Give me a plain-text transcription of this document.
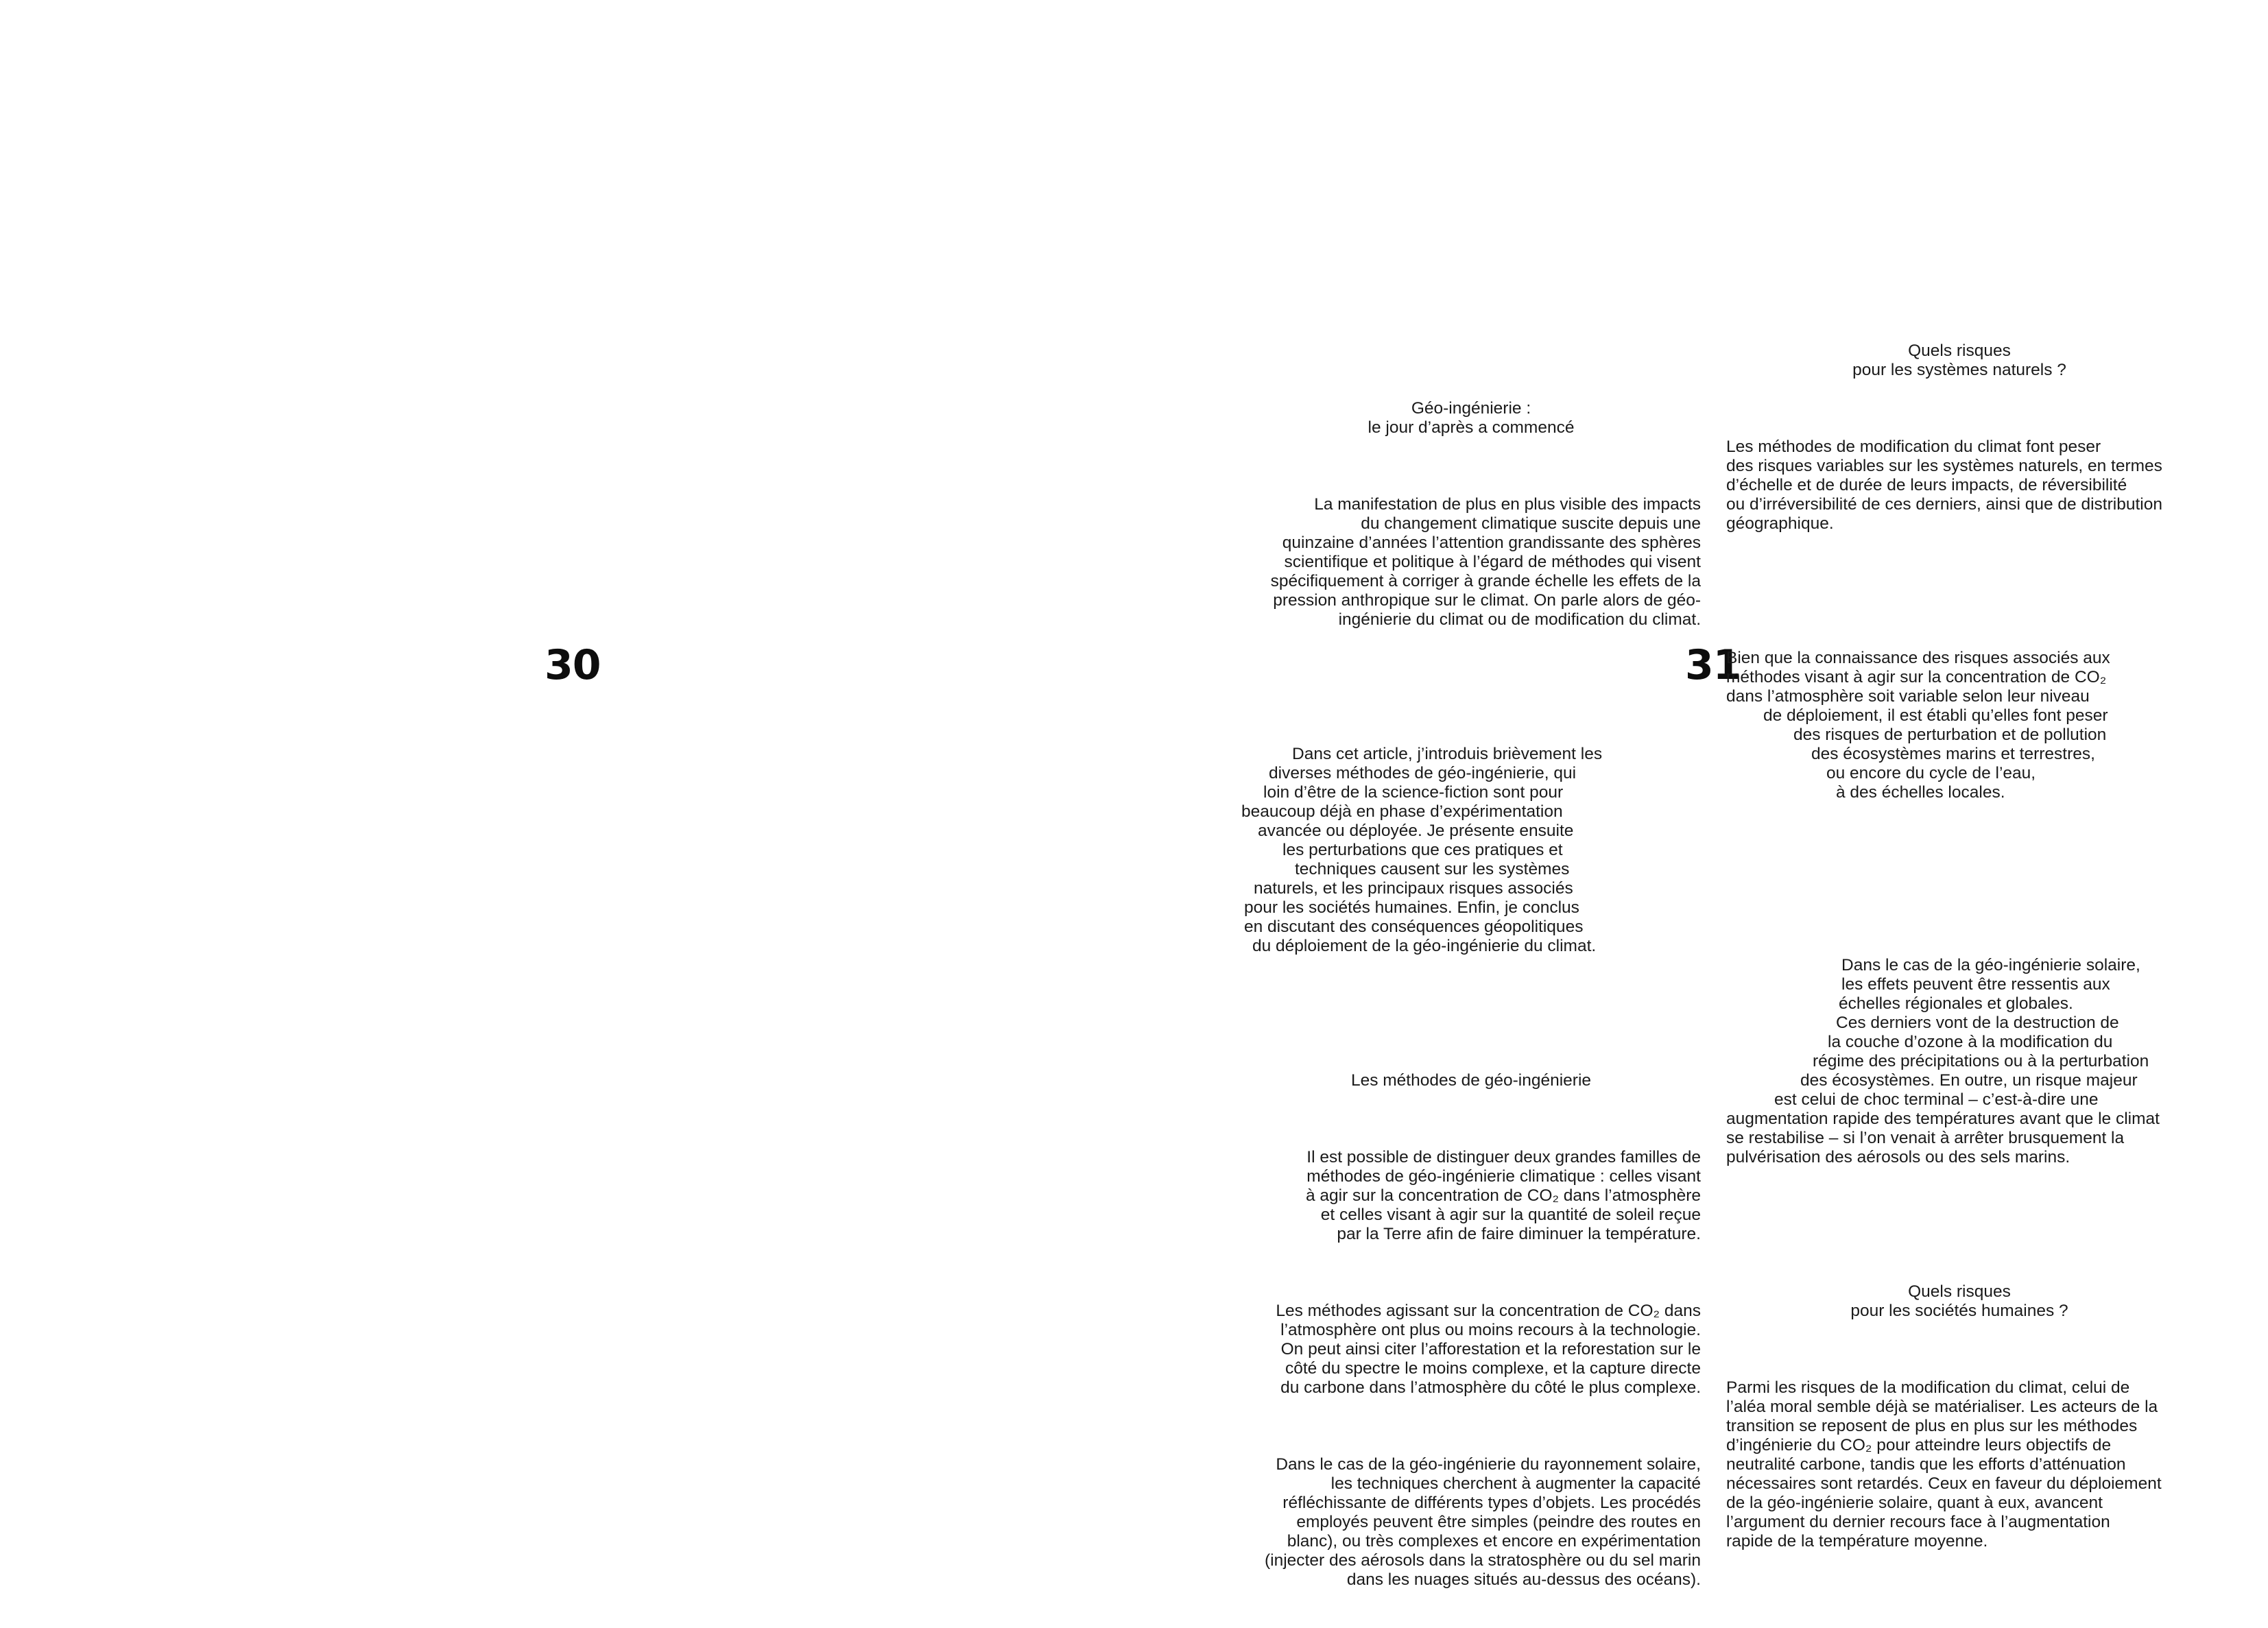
30	31

Géo-ingénierie :
le jour d’après a commencé

La manifestation de plus en plus visible des impacts
du changement climatique suscite depuis une
quinzaine d’années l’attention grandissante des sphères
scientifique et politique à l’égard de méthodes qui visent
spécifiquement à corriger à grande échelle les effets de la
pression anthropique sur le climat. On parle alors de géo-
ingénierie du climat ou de modification du climat.

Dans cet article, j’introduis brièvement les
diverses méthodes de géo-ingénierie, qui
loin d’être de la science-fiction sont pour
beaucoup déjà en phase d’expérimentation
avancée ou déployée. Je présente ensuite
les perturbations que ces pratiques et
techniques causent sur les systèmes
naturels, et les principaux risques associés
pour les sociétés humaines. Enfin, je conclus
en discutant des conséquences géopolitiques
du déploiement de la géo-ingénierie du climat.

Les méthodes de géo-ingénierie

Il est possible de distinguer deux grandes familles de
méthodes de géo-ingénierie climatique : celles visant
à agir sur la concentration de CO₂ dans l’atmosphère
et celles visant à agir sur la quantité de soleil reçue
par la Terre afin de faire diminuer la température.

Les méthodes agissant sur la concentration de CO₂ dans
l’atmosphère ont plus ou moins recours à la technologie.
On peut ainsi citer l’afforestation et la reforestation sur le
côté du spectre le moins complexe, et la capture directe
du carbone dans l’atmosphère du côté le plus complexe.

Dans le cas de la géo-ingénierie du rayonnement solaire,
les techniques cherchent à augmenter la capacité
réfléchissante de différents types d’objets. Les procédés
employés peuvent être simples (peindre des routes en
blanc), ou très complexes et encore en expérimentation
(injecter des aérosols dans la stratosphère ou du sel marin
dans les nuages situés au-dessus des océans).

Quels risques
pour les systèmes naturels ?

Les méthodes de modification du climat font peser
des risques variables sur les systèmes naturels, en termes
d’échelle et de durée de leurs impacts, de réversibilité
ou d’irréversibilité de ces derniers, ainsi que de distribution
géographique.

Bien que la connaissance des risques associés aux
méthodes visant à agir sur la concentration de CO₂
dans l’atmosphère soit variable selon leur niveau
de déploiement, il est établi qu’elles font peser
des risques de perturbation et de pollution
des écosystèmes marins et terrestres,
ou encore du cycle de l’eau,
à des échelles locales.

Dans le cas de la géo-ingénierie solaire,
les effets peuvent être ressentis aux
échelles régionales et globales.
Ces derniers vont de la destruction de
la couche d’ozone à la modification du
régime des précipitations ou à la perturbation
des écosystèmes. En outre, un risque majeur
est celui de choc terminal – c’est-à-dire une
augmentation rapide des températures avant que le climat
se restabilise – si l’on venait à arrêter brusquement la
pulvérisation des aérosols ou des sels marins.

Quels risques
pour les sociétés humaines ?

Parmi les risques de la modification du climat, celui de
l’aléa moral semble déjà se matérialiser. Les acteurs de la
transition se reposent de plus en plus sur les méthodes
d’ingénierie du CO₂ pour atteindre leurs objectifs de
neutralité carbone, tandis que les efforts d’atténuation
nécessaires sont retardés. Ceux en faveur du déploiement
de la géo-ingénierie solaire, quant à eux, avancent
l’argument du dernier recours face à l’augmentation
rapide de la température moyenne.
